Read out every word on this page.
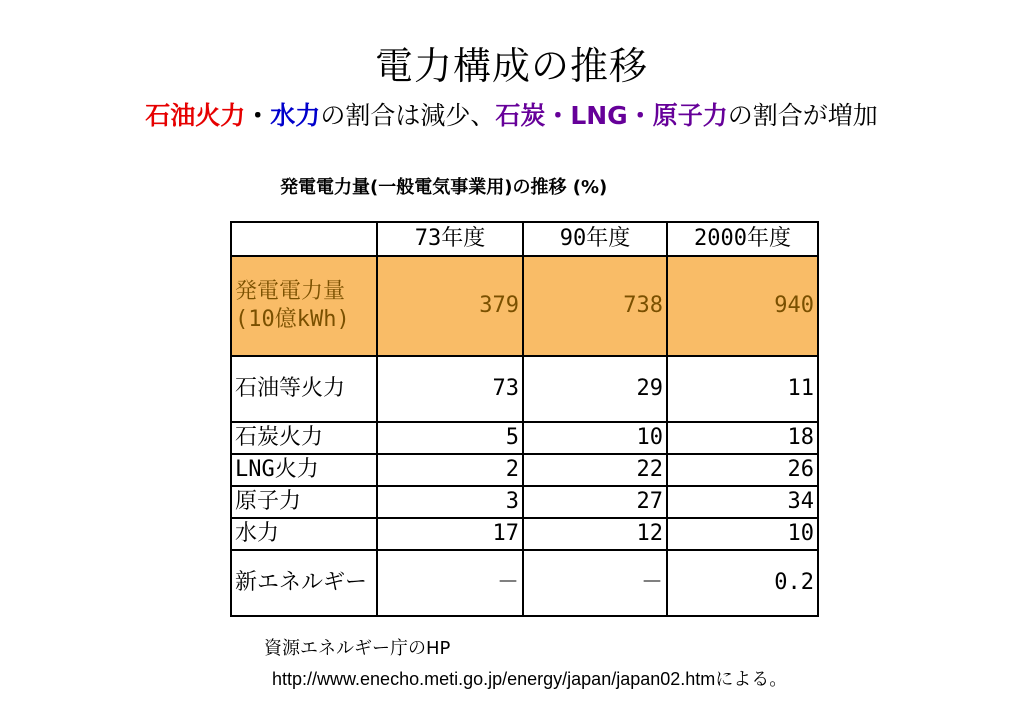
電力構成の推移
石油火力・水力の割合は減少、石炭・LNG・原子力の割合が増加
発電電力量(一般電気事業用)の推移 (%)
	73年度	90年度	2000年度
発電電力量 (10億kWh)	379	738	940
石油等火力	73	29	11
石炭火力	5	10	18
LNG火力	2	22	26
原子力	3	27	34
水力	17	12	10
新エネルギー	－	－	0.2
資源エネルギー庁のHP
http://www.enecho.meti.go.jp/energy/japan/japan02.htmによる。
